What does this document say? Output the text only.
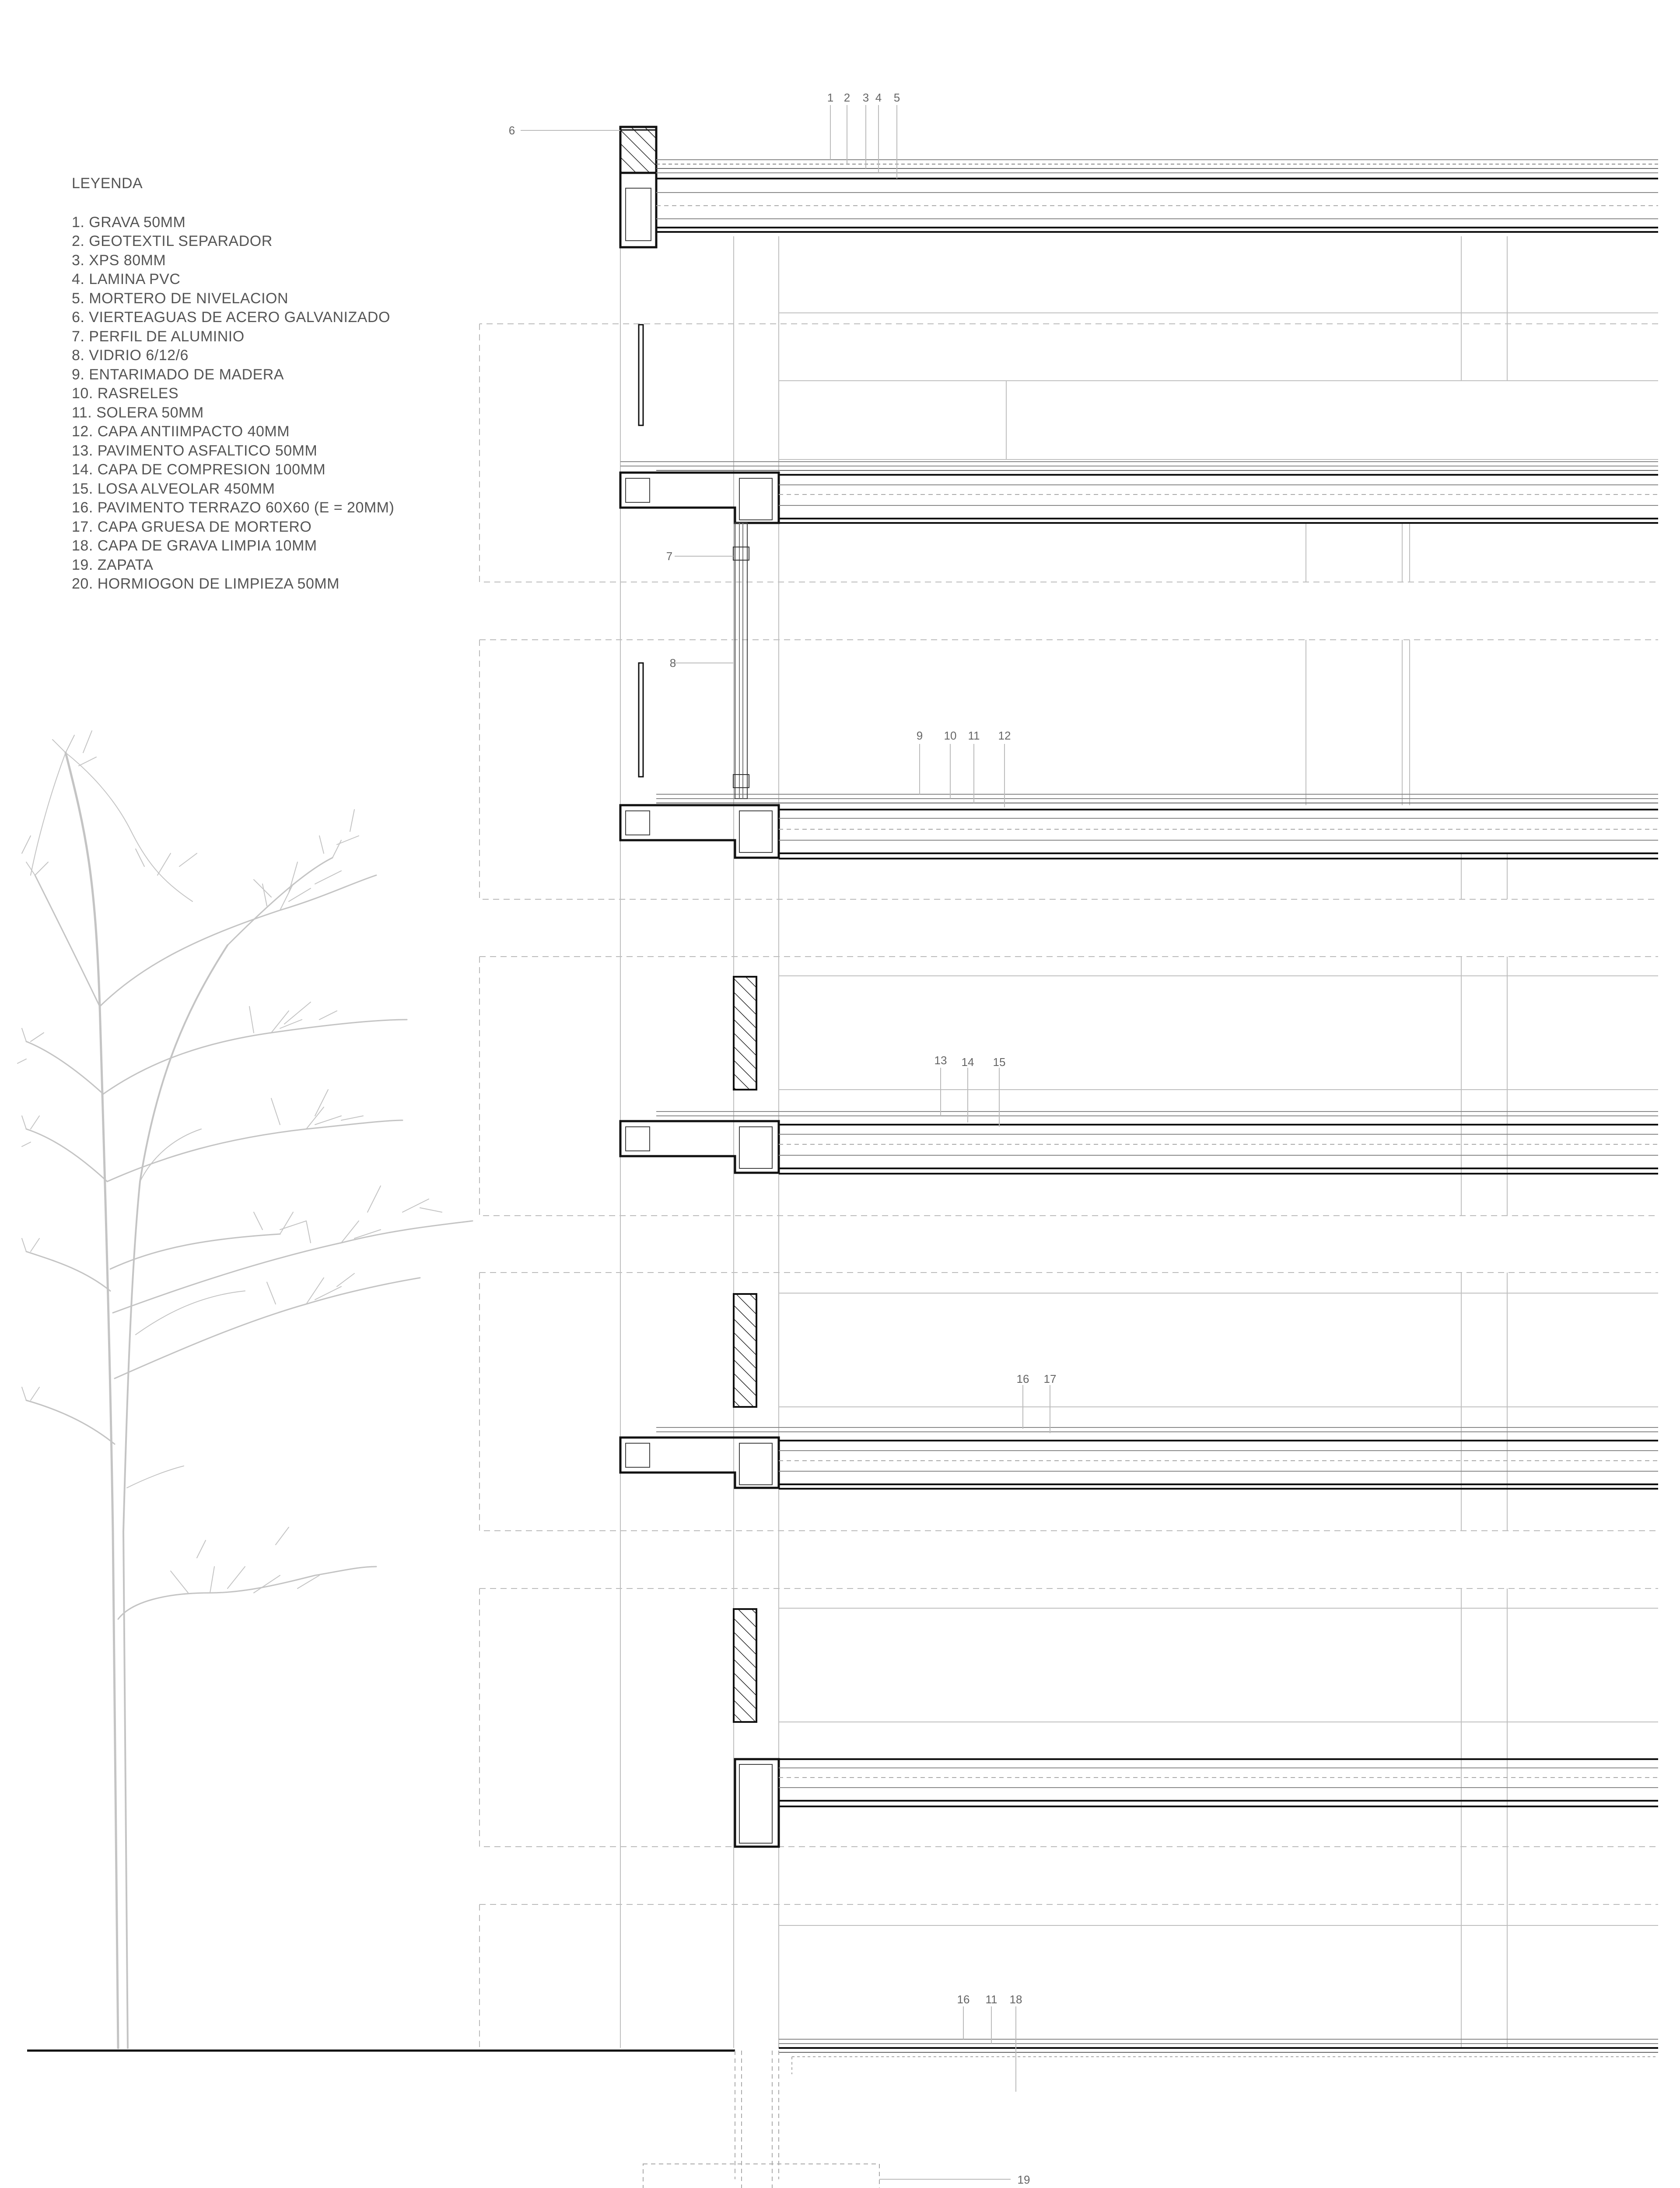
LEYENDA
1. GRAVA 50MM
2. GEOTEXTIL SEPARADOR
3. XPS 80MM
4. LAMINA PVC
5. MORTERO DE NIVELACION
6. VIERTEAGUAS DE ACERO GALVANIZADO
7. PERFIL DE ALUMINIO
8. VIDRIO 6/12/6
9. ENTARIMADO DE MADERA
10. RASRELES
11. SOLERA 50MM
12. CAPA ANTIIMPACTO 40MM
13. PAVIMENTO ASFALTICO 50MM
14. CAPA DE COMPRESION 100MM
15. LOSA ALVEOLAR 450MM
16. PAVIMENTO TERRAZO 60X60 (E = 20MM)
17. CAPA GRUESA DE MORTERO
18. CAPA DE GRAVA LIMPIA 10MM
19. ZAPATA
20. HORMIOGON DE LIMPIEZA 50MM
1 2 3 4 5
6
7
8
9 10 11 12
13 14 15
16 17
16 11 18
19
